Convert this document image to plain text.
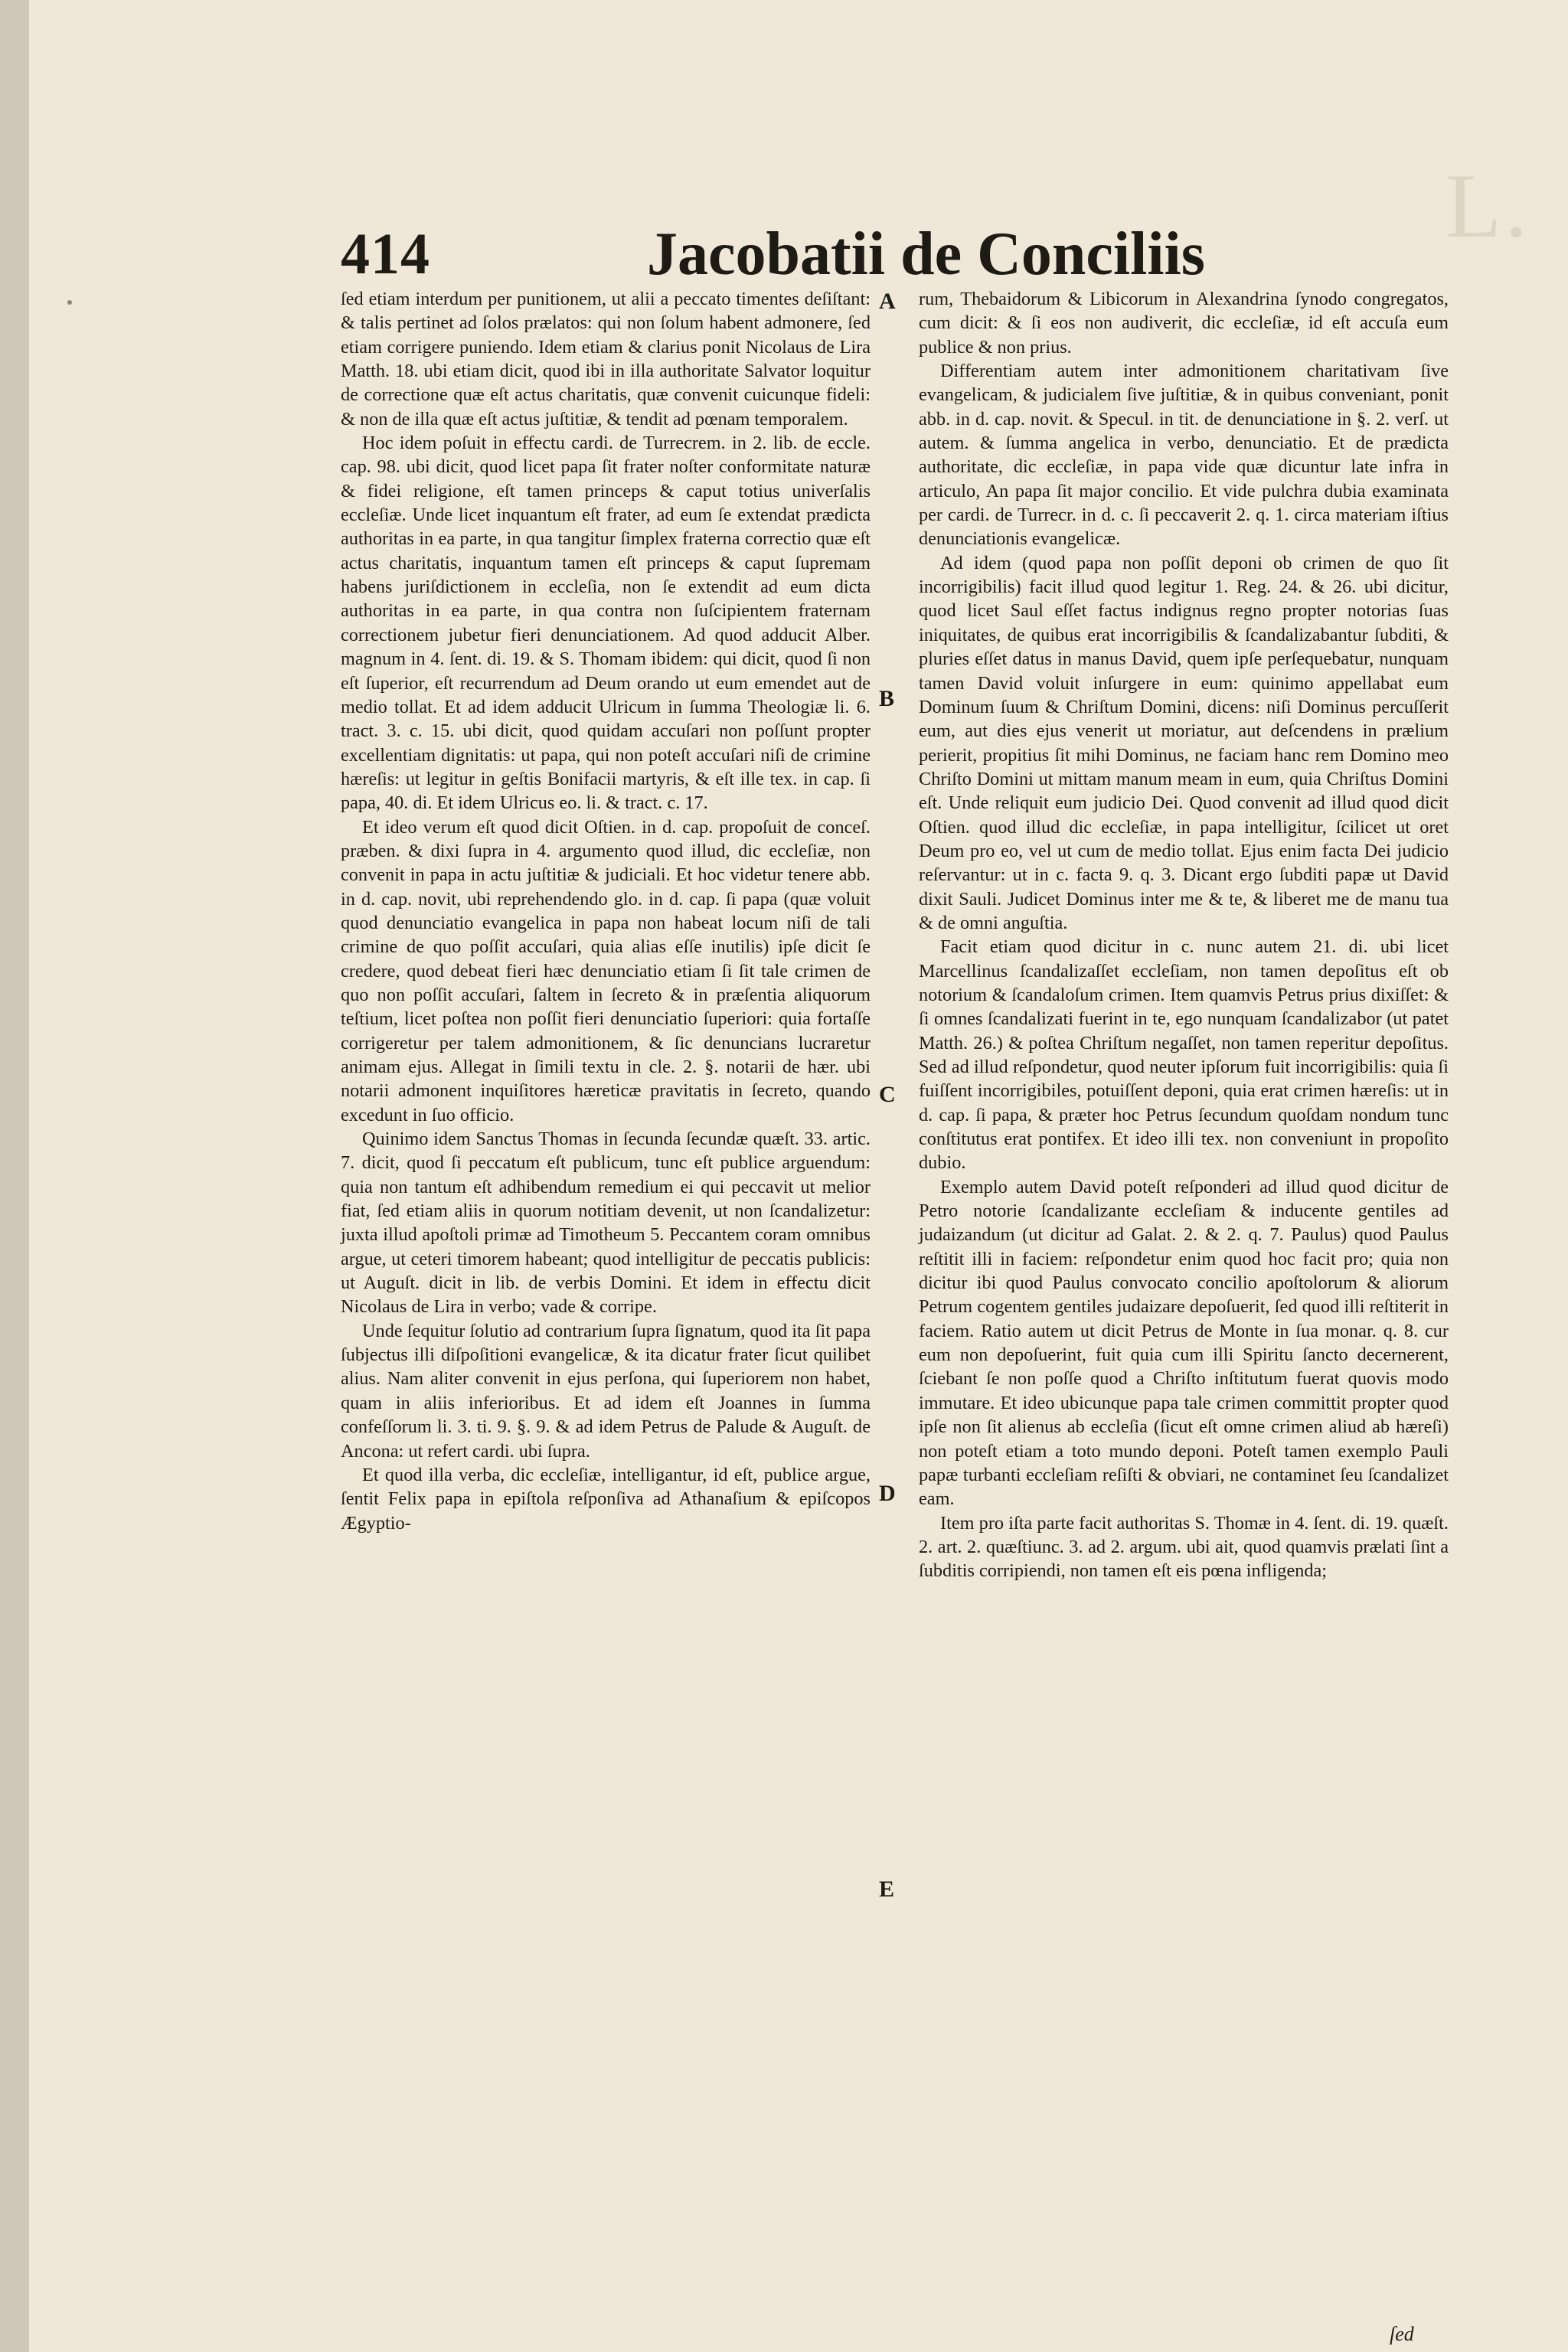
L.
414	Jacobatii de Conciliis

ſed etiam interdum per punitionem, ut alii a peccato timentes deſiſtant: & talis pertinet ad ſolos prælatos: qui non ſolum habent admonere, ſed etiam corrigere puniendo. Idem etiam & clarius ponit Nicolaus de Lira Matth. 18. ubi etiam dicit, quod ibi in illa authoritate Salvator loquitur de correctione quæ eſt actus charitatis, quæ convenit cuicunque fideli: & non de illa quæ eſt actus juſtitiæ, & tendit ad pœnam temporalem.

Hoc idem poſuit in effectu cardi. de Turrecrem. in 2. lib. de eccle. cap. 98. ubi dicit, quod licet papa ſit frater noſter conformitate naturæ & fidei religione, eſt tamen princeps & caput totius univerſalis eccleſiæ. Unde licet inquantum eſt frater, ad eum ſe extendat prædicta authoritas in ea parte, in qua tangitur ſimplex fraterna correctio quæ eſt actus charitatis, inquantum tamen eſt princeps & caput ſupremam habens juriſdictionem in eccleſia, non ſe extendit ad eum dicta authoritas in ea parte, in qua contra non ſuſcipientem fraternam correctionem jubetur fieri denunciationem. Ad quod adducit Alber. magnum in 4. ſent. di. 19. & S. Thomam ibidem: qui dicit, quod ſi non eſt ſuperior, eſt recurrendum ad Deum orando ut eum emendet aut de medio tollat. Et ad idem adducit Ulricum in ſumma Theologiæ li. 6. tract. 3. c. 15. ubi dicit, quod quidam accuſari non poſſunt propter excellentiam dignitatis: ut papa, qui non poteſt accuſari niſi de crimine hæreſis: ut legitur in geſtis Bonifacii martyris, & eſt ille tex. in cap. ſi papa, 40. di. Et idem Ulricus eo. li. & tract. c. 17.

Et ideo verum eſt quod dicit Oſtien. in d. cap. propoſuit de conceſ. præben. & dixi ſupra in 4. argumento quod illud, dic eccleſiæ, non convenit in papa in actu juſtitiæ & judiciali. Et hoc videtur tenere abb. in d. cap. novit, ubi reprehendendo glo. in d. cap. ſi papa (quæ voluit quod denunciatio evangelica in papa non habeat locum niſi de tali crimine de quo poſſit accuſari, quia alias eſſe inutilis) ipſe dicit ſe credere, quod debeat fieri hæc denunciatio etiam ſi ſit tale crimen de quo non poſſit accuſari, ſaltem in ſecreto & in præſentia aliquorum teſtium, licet poſtea non poſſit fieri denunciatio ſuperiori: quia fortaſſe corrigeretur per talem admonitionem, & ſic denuncians lucraretur animam ejus. Allegat in ſimili textu in cle. 2. §. notarii de hær. ubi notarii admonent inquiſitores hæreticæ pravitatis in ſecreto, quando excedunt in ſuo officio.

Quinimo idem Sanctus Thomas in ſecunda ſecundæ quæſt. 33. artic. 7. dicit, quod ſi peccatum eſt publicum, tunc eſt publice arguendum: quia non tantum eſt adhibendum remedium ei qui peccavit ut melior fiat, ſed etiam aliis in quorum notitiam devenit, ut non ſcandalizetur: juxta illud apoſtoli primæ ad Timotheum 5. Peccantem coram omnibus argue, ut ceteri timorem habeant; quod intelligitur de peccatis publicis: ut Auguſt. dicit in lib. de verbis Domini. Et idem in effectu dicit Nicolaus de Lira in verbo; vade & corripe.

Unde ſequitur ſolutio ad contrarium ſupra ſignatum, quod ita ſit papa ſubjectus illi diſpoſitioni evangelicæ, & ita dicatur frater ſicut quilibet alius. Nam aliter convenit in ejus perſona, qui ſuperiorem non habet, quam in aliis inferioribus. Et ad idem eſt Joannes in ſumma confeſſorum li. 3. ti. 9. §. 9. & ad idem Petrus de Palude & Auguſt. de Ancona: ut refert cardi. ubi ſupra.

Et quod illa verba, dic eccleſiæ, intelligantur, id eſt, publice argue, ſentit Felix papa in epiſtola reſponſiva ad Athanaſium & epiſcopos Ægyptio-

A
B
C
D
E

rum, Thebaidorum & Libicorum in Alexandrina ſynodo congregatos, cum dicit: & ſi eos non audiverit, dic eccleſiæ, id eſt accuſa eum publice & non prius.

Differentiam autem inter admonitionem charitativam ſive evangelicam, & judicialem ſive juſtitiæ, & in quibus conveniant, ponit abb. in d. cap. novit. & Specul. in tit. de denunciatione in §. 2. verſ. ut autem. & ſumma angelica in verbo, denunciatio. Et de prædicta authoritate, dic eccleſiæ, in papa vide quæ dicuntur late infra in articulo, An papa ſit major concilio. Et vide pulchra dubia examinata per cardi. de Turrecr. in d. c. ſi peccaverit 2. q. 1. circa materiam iſtius denunciationis evangelicæ.

Ad idem (quod papa non poſſit deponi ob crimen de quo ſit incorrigibilis) facit illud quod legitur 1. Reg. 24. & 26. ubi dicitur, quod licet Saul eſſet factus indignus regno propter notorias ſuas iniquitates, de quibus erat incorrigibilis & ſcandalizabantur ſubditi, & pluries eſſet datus in manus David, quem ipſe perſequebatur, nunquam tamen David voluit inſurgere in eum: quinimo appellabat eum Dominum ſuum & Chriſtum Domini, dicens: niſi Dominus percuſſerit eum, aut dies ejus venerit ut moriatur, aut deſcendens in prælium perierit, propitius ſit mihi Dominus, ne faciam hanc rem Domino meo Chriſto Domini ut mittam manum meam in eum, quia Chriſtus Domini eſt. Unde reliquit eum judicio Dei. Quod convenit ad illud quod dicit Oſtien. quod illud dic eccleſiæ, in papa intelligitur, ſcilicet ut oret Deum pro eo, vel ut cum de medio tollat. Ejus enim facta Dei judicio reſervantur: ut in c. facta 9. q. 3. Dicant ergo ſubditi papæ ut David dixit Sauli. Judicet Dominus inter me & te, & liberet me de manu tua & de omni anguſtia.

Facit etiam quod dicitur in c. nunc autem 21. di. ubi licet Marcellinus ſcandalizaſſet eccleſiam, non tamen depoſitus eſt ob notorium & ſcandaloſum crimen. Item quamvis Petrus prius dixiſſet: & ſi omnes ſcandalizati fuerint in te, ego nunquam ſcandalizabor (ut patet Matth. 26.) & poſtea Chriſtum negaſſet, non tamen reperitur depoſitus. Sed ad illud reſpondetur, quod neuter ipſorum fuit incorrigibilis: quia ſi fuiſſent incorrigibiles, potuiſſent deponi, quia erat crimen hæreſis: ut in d. cap. ſi papa, & præter hoc Petrus ſecundum quoſdam nondum tunc conſtitutus erat pontifex. Et ideo illi tex. non conveniunt in propoſito dubio.

Exemplo autem David poteſt reſponderi ad illud quod dicitur de Petro notorie ſcandalizante eccleſiam & inducente gentiles ad judaizandum (ut dicitur ad Galat. 2. & 2. q. 7. Paulus) quod Paulus reſtitit illi in faciem: reſpondetur enim quod hoc facit pro; quia non dicitur ibi quod Paulus convocato concilio apoſtolorum & aliorum Petrum cogentem gentiles judaizare depoſuerit, ſed quod illi reſtiterit in faciem. Ratio autem ut dicit Petrus de Monte in ſua monar. q. 8. cur eum non depoſuerint, fuit quia cum illi Spiritu ſancto decernerent, ſciebant ſe non poſſe quod a Chriſto inſtitutum fuerat quovis modo immutare. Et ideo ubicunque papa tale crimen committit propter quod ipſe non ſit alienus ab eccleſia (ſicut eſt omne crimen aliud ab hæreſi) non poteſt etiam a toto mundo deponi. Poteſt tamen exemplo Pauli papæ turbanti eccleſiam reſiſti & obviari, ne contaminet ſeu ſcandalizet eam.

Item pro iſta parte facit authoritas S. Thomæ in 4. ſent. di. 19. quæſt. 2. art. 2. quæſtiunc. 3. ad 2. argum. ubi ait, quod quamvis prælati ſint a ſubditis corripiendi, non tamen eſt eis pœna infligenda;

ſed
